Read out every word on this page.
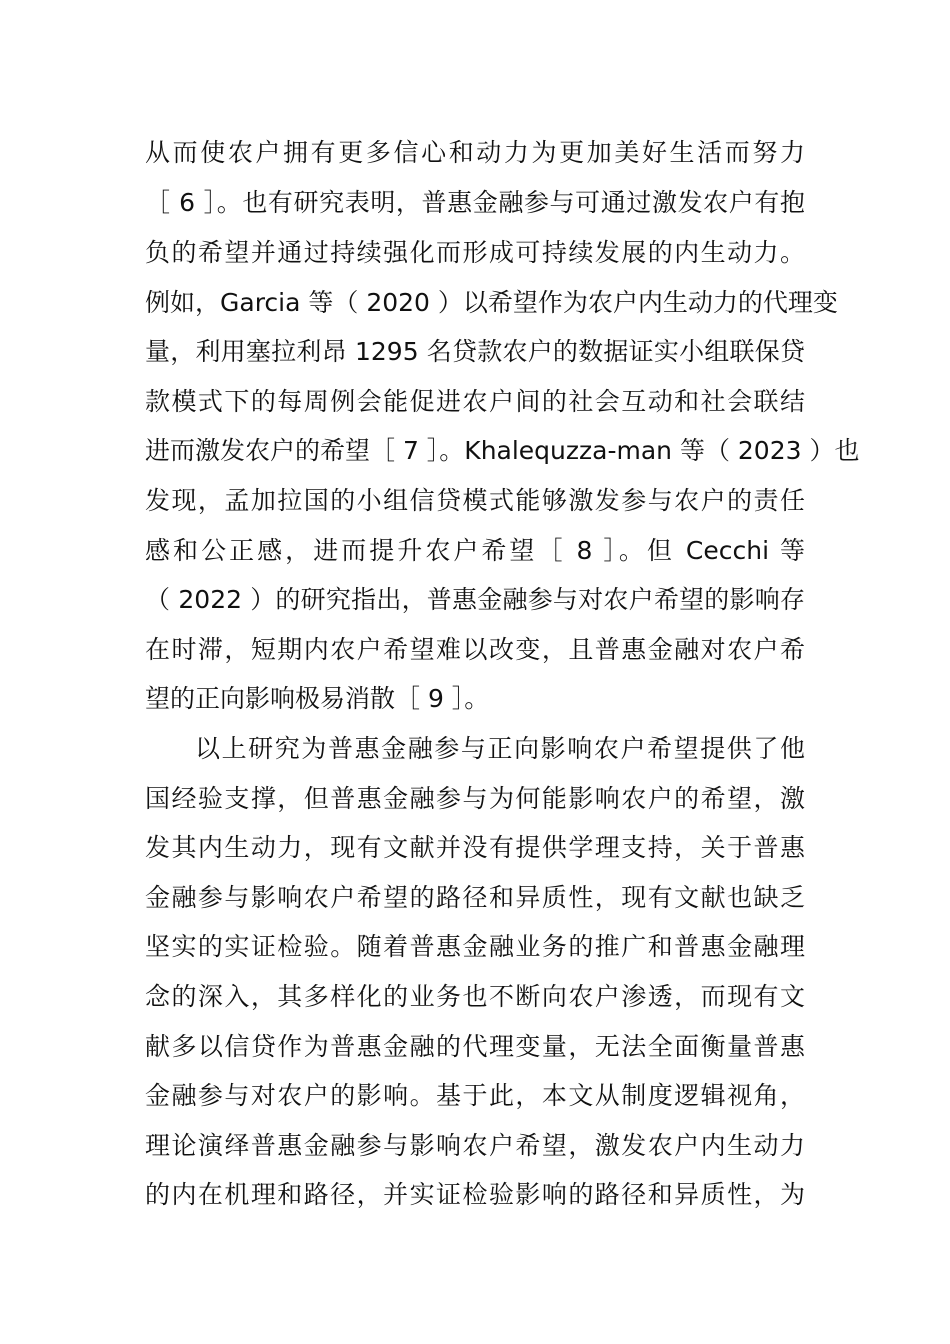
从而使农户拥有更多信心和动力为更加美好生活而努力
［ 6 ］。也有研究表明，普惠金融参与可通过激发农户有抱
负的希望并通过持续强化而形成可持续发展的内生动力。
例如，Garcia 等（ 2020 ）以希望作为农户内生动力的代理变
量，利用塞拉利昂 1295 名贷款农户的数据证实小组联保贷
款模式下的每周例会能促进农户间的社会互动和社会联结
进而激发农户的希望［ 7 ］。Khalequzza-man 等（ 2023 ）也
发现，孟加拉国的小组信贷模式能够激发参与农户的责任
感和公正感，进而提升农户希望［ 8 ］。但 Cecchi 等
（ 2022 ）的研究指出，普惠金融参与对农户希望的影响存
在时滞，短期内农户希望难以改变，且普惠金融对农户希
望的正向影响极易消散［ 9 ］。
以上研究为普惠金融参与正向影响农户希望提供了他
国经验支撑，但普惠金融参与为何能影响农户的希望，激
发其内生动力，现有文献并没有提供学理支持，关于普惠
金融参与影响农户希望的路径和异质性，现有文献也缺乏
坚实的实证检验。随着普惠金融业务的推广和普惠金融理
念的深入，其多样化的业务也不断向农户渗透，而现有文
献多以信贷作为普惠金融的代理变量，无法全面衡量普惠
金融参与对农户的影响。基于此，本文从制度逻辑视角，
理论演绎普惠金融参与影响农户希望，激发农户内生动力
的内在机理和路径，并实证检验影响的路径和异质性，为
